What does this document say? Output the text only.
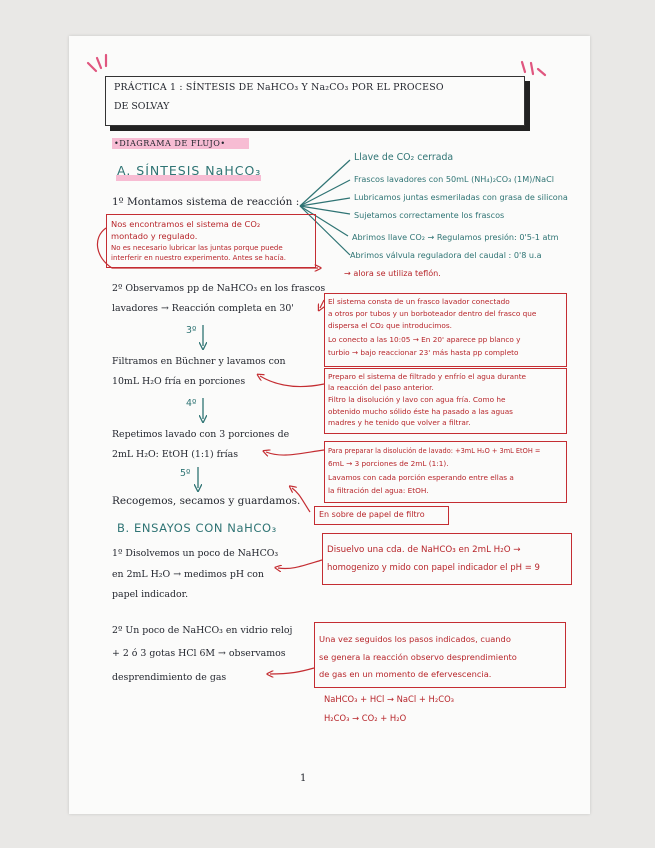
PRÁCTICA 1 : SÍNTESIS DE NaHCO₃ Y Na₂CO₃ POR EL PROCESO
DE SOLVAY
•DIAGRAMA DE FLUJO•
A. SÍNTESIS NaHCO₃
1º Montamos sistema de reacción :
Llave de CO₂ cerrada
Frascos lavadores con 50mL (NH₄)₂CO₃ (1M)/NaCl
Lubricamos juntas esmeriladas con grasa de silicona
Sujetamos correctamente los frascos
Abrimos llave CO₂ → Regulamos presión: 0'5-1 atm
Abrimos válvula reguladora del caudal : 0'8 u.a
→ alora se utiliza teflón.
Nos encontramos el sistema de CO₂
montado y regulado.
No es necesario lubricar las juntas porque puede
interferir en nuestro experimento. Antes se hacía.
2º Observamos pp de NaHCO₃ en los frascos
lavadores → Reacción completa en 30'
3º
Filtramos en Büchner y lavamos con
10mL H₂O fría en porciones
4º
Repetimos lavado con 3 porciones de
2mL H₂O: EtOH (1:1) frías
5º
Recogemos, secamos y guardamos.
El sistema consta de un frasco lavador conectado
a otros por tubos y un borboteador dentro del frasco que
dispersa el CO₂ que introducimos.
Lo conecto a las 10:05 → En 20' aparece pp blanco y
turbio → bajo reaccionar 23' más hasta pp completo
Preparo el sistema de filtrado y enfrío el agua durante
la reacción del paso anterior.
Filtro la disolución y lavo con agua fría. Como he
obtenido mucho sólido éste ha pasado a las aguas
madres y he tenido que volver a filtrar.
Para preparar la disolución de lavado: +3mL H₂O + 3mL EtOH =
6mL → 3 porciones de 2mL (1:1).
Lavamos con cada porción esperando entre ellas a
la filtración del agua: EtOH.
En sobre de papel de filtro
B. ENSAYOS CON NaHCO₃
1º Disolvemos un poco de NaHCO₃
en 2mL H₂O → medimos pH con
papel indicador.
Disuelvo una cda. de NaHCO₃ en 2mL H₂O →
homogenizo y mido con papel indicador el pH = 9
2º Un poco de NaHCO₃ en vidrio reloj
+ 2 ó 3 gotas HCl 6M → observamos
desprendimiento de gas
Una vez seguidos los pasos indicados, cuando
se genera la reacción observo desprendimiento
de gas en un momento de efervescencia.
NaHCO₃ + HCl → NaCl + H₂CO₃
H₂CO₃ → CO₂ + H₂O
1
